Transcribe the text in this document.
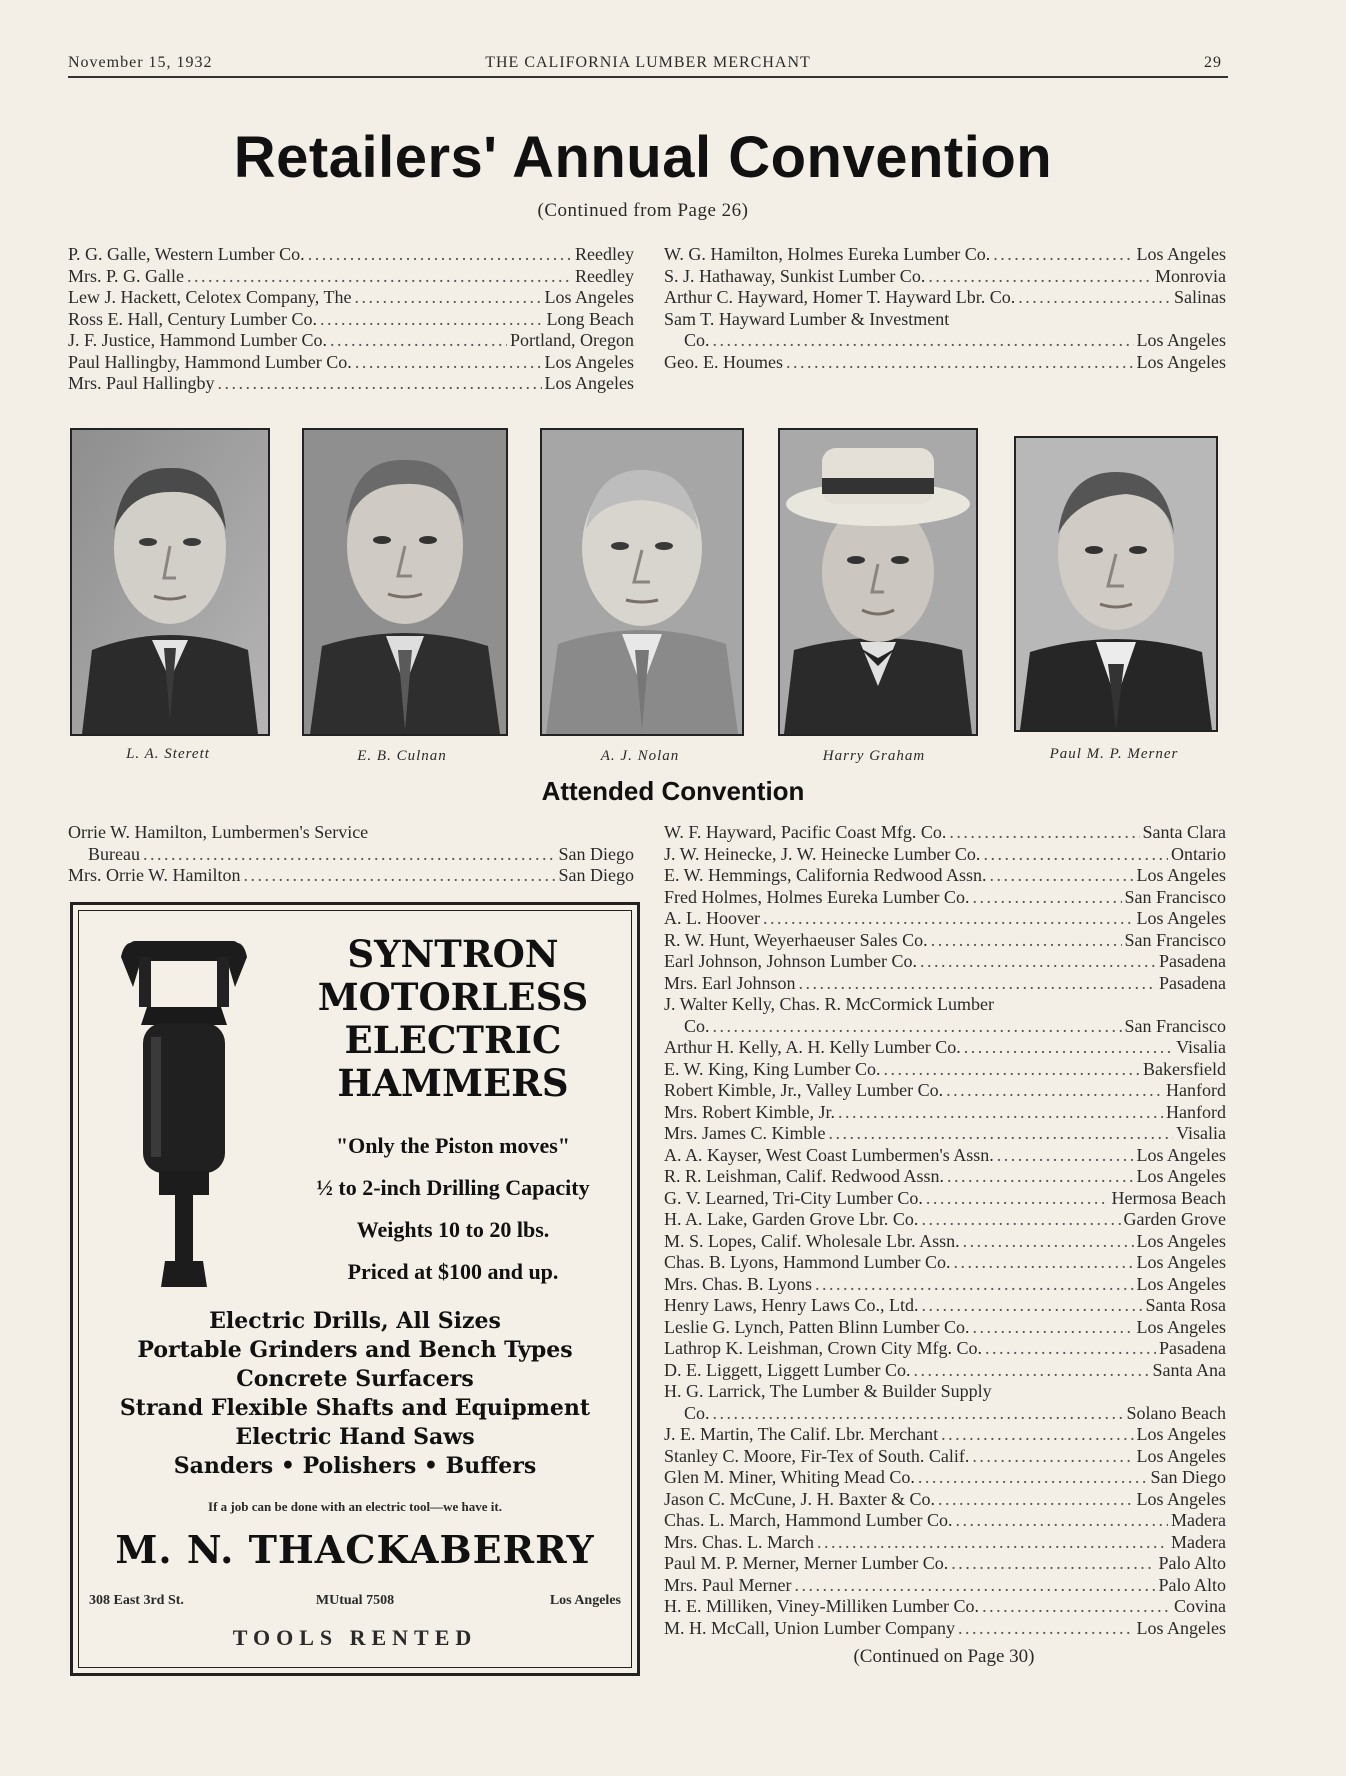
November 15, 1932	THE CALIFORNIA LUMBER MERCHANT	29
Retailers' Annual Convention
(Continued from Page 26)
P. G. Galle, Western Lumber Co. . . .	Reedley
Mrs. P. G. Galle . . .	Reedley
Lew J. Hackett, Celotex Company, The . . .	Los Angeles
Ross E. Hall, Century Lumber Co. . . .	Long Beach
J. F. Justice, Hammond Lumber Co. . . .	Portland, Oregon
Paul Hallingby, Hammond Lumber Co. . . .	Los Angeles
Mrs. Paul Hallingby . . .	Los Angeles
W. G. Hamilton, Holmes Eureka Lumber Co. . . .	Los Angeles
S. J. Hathaway, Sunkist Lumber Co. . . .	Monrovia
Arthur C. Hayward, Homer T. Hayward Lbr. Co. . . .	Salinas
Sam T. Hayward Lumber & Investment
Co. . . .	Los Angeles
Geo. E. Houmes . . .	Los Angeles
L. A. Sterett	E. B. Culnan	A. J. Nolan	Harry Graham	Paul M. P. Merner
Attended Convention
Orrie W. Hamilton, Lumbermen's Service
Bureau . . .	San Diego
Mrs. Orrie W. Hamilton . . .	San Diego
SYNTRON
MOTORLESS
ELECTRIC
HAMMERS
"Only the Piston moves"
½ to 2-inch Drilling Capacity
Weights 10 to 20 lbs.
Priced at $100 and up.
Electric Drills, All Sizes
Portable Grinders and Bench Types
Concrete Surfacers
Strand Flexible Shafts and Equipment
Electric Hand Saws
Sanders • Polishers • Buffers
If a job can be done with an electric tool—we have it.
M. N. THACKABERRY
308 East 3rd St.	MUtual 7508	Los Angeles
TOOLS RENTED
W. F. Hayward, Pacific Coast Mfg. Co. . . .	Santa Clara
J. W. Heinecke, J. W. Heinecke Lumber Co. . . .	Ontario
E. W. Hemmings, California Redwood Assn. . . .	Los Angeles
Fred Holmes, Holmes Eureka Lumber Co. . . .	San Francisco
A. L. Hoover . . .	Los Angeles
R. W. Hunt, Weyerhaeuser Sales Co. . . .	San Francisco
Earl Johnson, Johnson Lumber Co. . . .	Pasadena
Mrs. Earl Johnson . . .	Pasadena
J. Walter Kelly, Chas. R. McCormick Lumber
Co. . . .	San Francisco
Arthur H. Kelly, A. H. Kelly Lumber Co. . . .	Visalia
E. W. King, King Lumber Co. . . .	Bakersfield
Robert Kimble, Jr., Valley Lumber Co. . . .	Hanford
Mrs. Robert Kimble, Jr. . . .	Hanford
Mrs. James C. Kimble . . .	Visalia
A. A. Kayser, West Coast Lumbermen's Assn. . . .	Los Angeles
R. R. Leishman, Calif. Redwood Assn. . . .	Los Angeles
G. V. Learned, Tri-City Lumber Co. . . .	Hermosa Beach
H. A. Lake, Garden Grove Lbr. Co. . . .	Garden Grove
M. S. Lopes, Calif. Wholesale Lbr. Assn. . . .	Los Angeles
Chas. B. Lyons, Hammond Lumber Co. . . .	Los Angeles
Mrs. Chas. B. Lyons . . .	Los Angeles
Henry Laws, Henry Laws Co., Ltd. . . .	Santa Rosa
Leslie G. Lynch, Patten Blinn Lumber Co. . . .	Los Angeles
Lathrop K. Leishman, Crown City Mfg. Co. . . .	Pasadena
D. E. Liggett, Liggett Lumber Co. . . .	Santa Ana
H. G. Larrick, The Lumber & Builder Supply
Co. . . .	Solano Beach
J. E. Martin, The Calif. Lbr. Merchant . . .	Los Angeles
Stanley C. Moore, Fir-Tex of South. Calif. . . .	Los Angeles
Glen M. Miner, Whiting Mead Co. . . .	San Diego
Jason C. McCune, J. H. Baxter & Co. . . .	Los Angeles
Chas. L. March, Hammond Lumber Co. . . .	Madera
Mrs. Chas. L. March . . .	Madera
Paul M. P. Merner, Merner Lumber Co. . . .	Palo Alto
Mrs. Paul Merner . . .	Palo Alto
H. E. Milliken, Viney-Milliken Lumber Co. . . .	Covina
M. H. McCall, Union Lumber Company . . .	Los Angeles
(Continued on Page 30)
